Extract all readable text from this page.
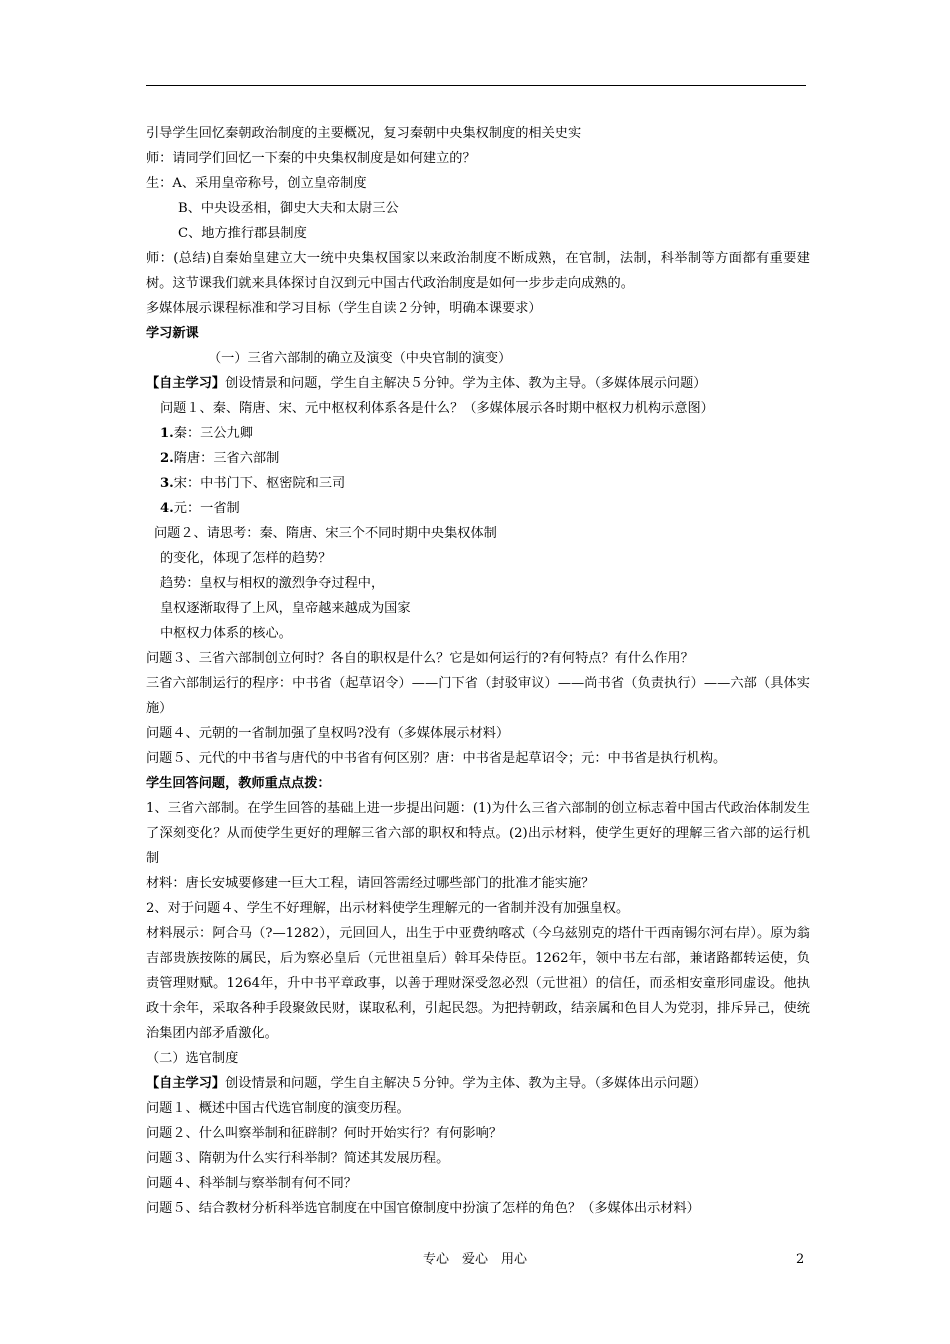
引导学生回忆秦朝政治制度的主要概况，复习秦朝中央集权制度的相关史实
师：请同学们回忆一下秦的中央集权制度是如何建立的？
生：A、采用皇帝称号，创立皇帝制度
B、中央设丞相，御史大夫和太尉三公
C、地方推行郡县制度
师：(总结)自秦始皇建立大一统中央集权国家以来政治制度不断成熟，在官制，法制，科举制等方面都有重要建树。这节课我们就来具体探讨自汉到元中国古代政治制度是如何一步步走向成熟的。
多媒体展示课程标准和学习目标（学生自读２分钟，明确本课要求）
学习新课
（一）三省六部制的确立及演变（中央官制的演变）
【自主学习】创设情景和问题，学生自主解决５分钟。学为主体、教为主导。（多媒体展示问题）
问题１、秦、隋唐、宋、元中枢权利体系各是什么？（多媒体展示各时期中枢权力机构示意图）
1.秦：三公九卿
2.隋唐：三省六部制
3.宋：中书门下、枢密院和三司
4.元：一省制
问题２、请思考：秦、隋唐、宋三个不同时期中央集权体制
的变化，体现了怎样的趋势？
趋势：皇权与相权的激烈争夺过程中，
皇权逐渐取得了上风，皇帝越来越成为国家
中枢权力体系的核心。
问题３、三省六部制创立何时？各自的职权是什么？它是如何运行的?有何特点？有什么作用？
三省六部制运行的程序：中书省（起草诏令）——门下省（封驳审议）——尚书省（负责执行）——六部（具体实施）
问题４、元朝的一省制加强了皇权吗?没有（多媒体展示材料）
问题５、元代的中书省与唐代的中书省有何区别？唐：中书省是起草诏令；元：中书省是执行机构。
学生回答问题，教师重点点拨：
1、三省六部制。在学生回答的基础上进一步提出问题：(1)为什么三省六部制的创立标志着中国古代政治体制发生了深刻变化？从而使学生更好的理解三省六部的职权和特点。(2)出示材料，使学生更好的理解三省六部的运行机制
材料：唐长安城要修建一巨大工程，请回答需经过哪些部门的批准才能实施？
2、对于问题４、学生不好理解，出示材料使学生理解元的一省制并没有加强皇权。
材料展示：阿合马（?—1282），元回回人，出生于中亚费纳喀忒（今乌兹别克的塔什干西南锡尔河右岸）。原为翁吉部贵族按陈的属民，后为察必皇后（元世祖皇后）斡耳朵侍臣。1262年，领中书左右部，兼诸路都转运使，负责管理财赋。1264年，升中书平章政事，以善于理财深受忽必烈（元世祖）的信任，而丞相安童形同虚设。他执政十余年，采取各种手段聚敛民财，谋取私利，引起民怨。为把持朝政，结亲属和色目人为党羽，排斥异己，使统治集团内部矛盾激化。
（二）选官制度
【自主学习】创设情景和问题，学生自主解决５分钟。学为主体、教为主导。（多媒体出示问题）
问题１、概述中国古代选官制度的演变历程。
问题２、什么叫察举制和征辟制？何时开始实行？有何影响？
问题３、隋朝为什么实行科举制？简述其发展历程。
问题４、科举制与察举制有何不同？
问题５、结合教材分析科举选官制度在中国官僚制度中扮演了怎样的角色？（多媒体出示材料）
专心　爱心　用心	2
